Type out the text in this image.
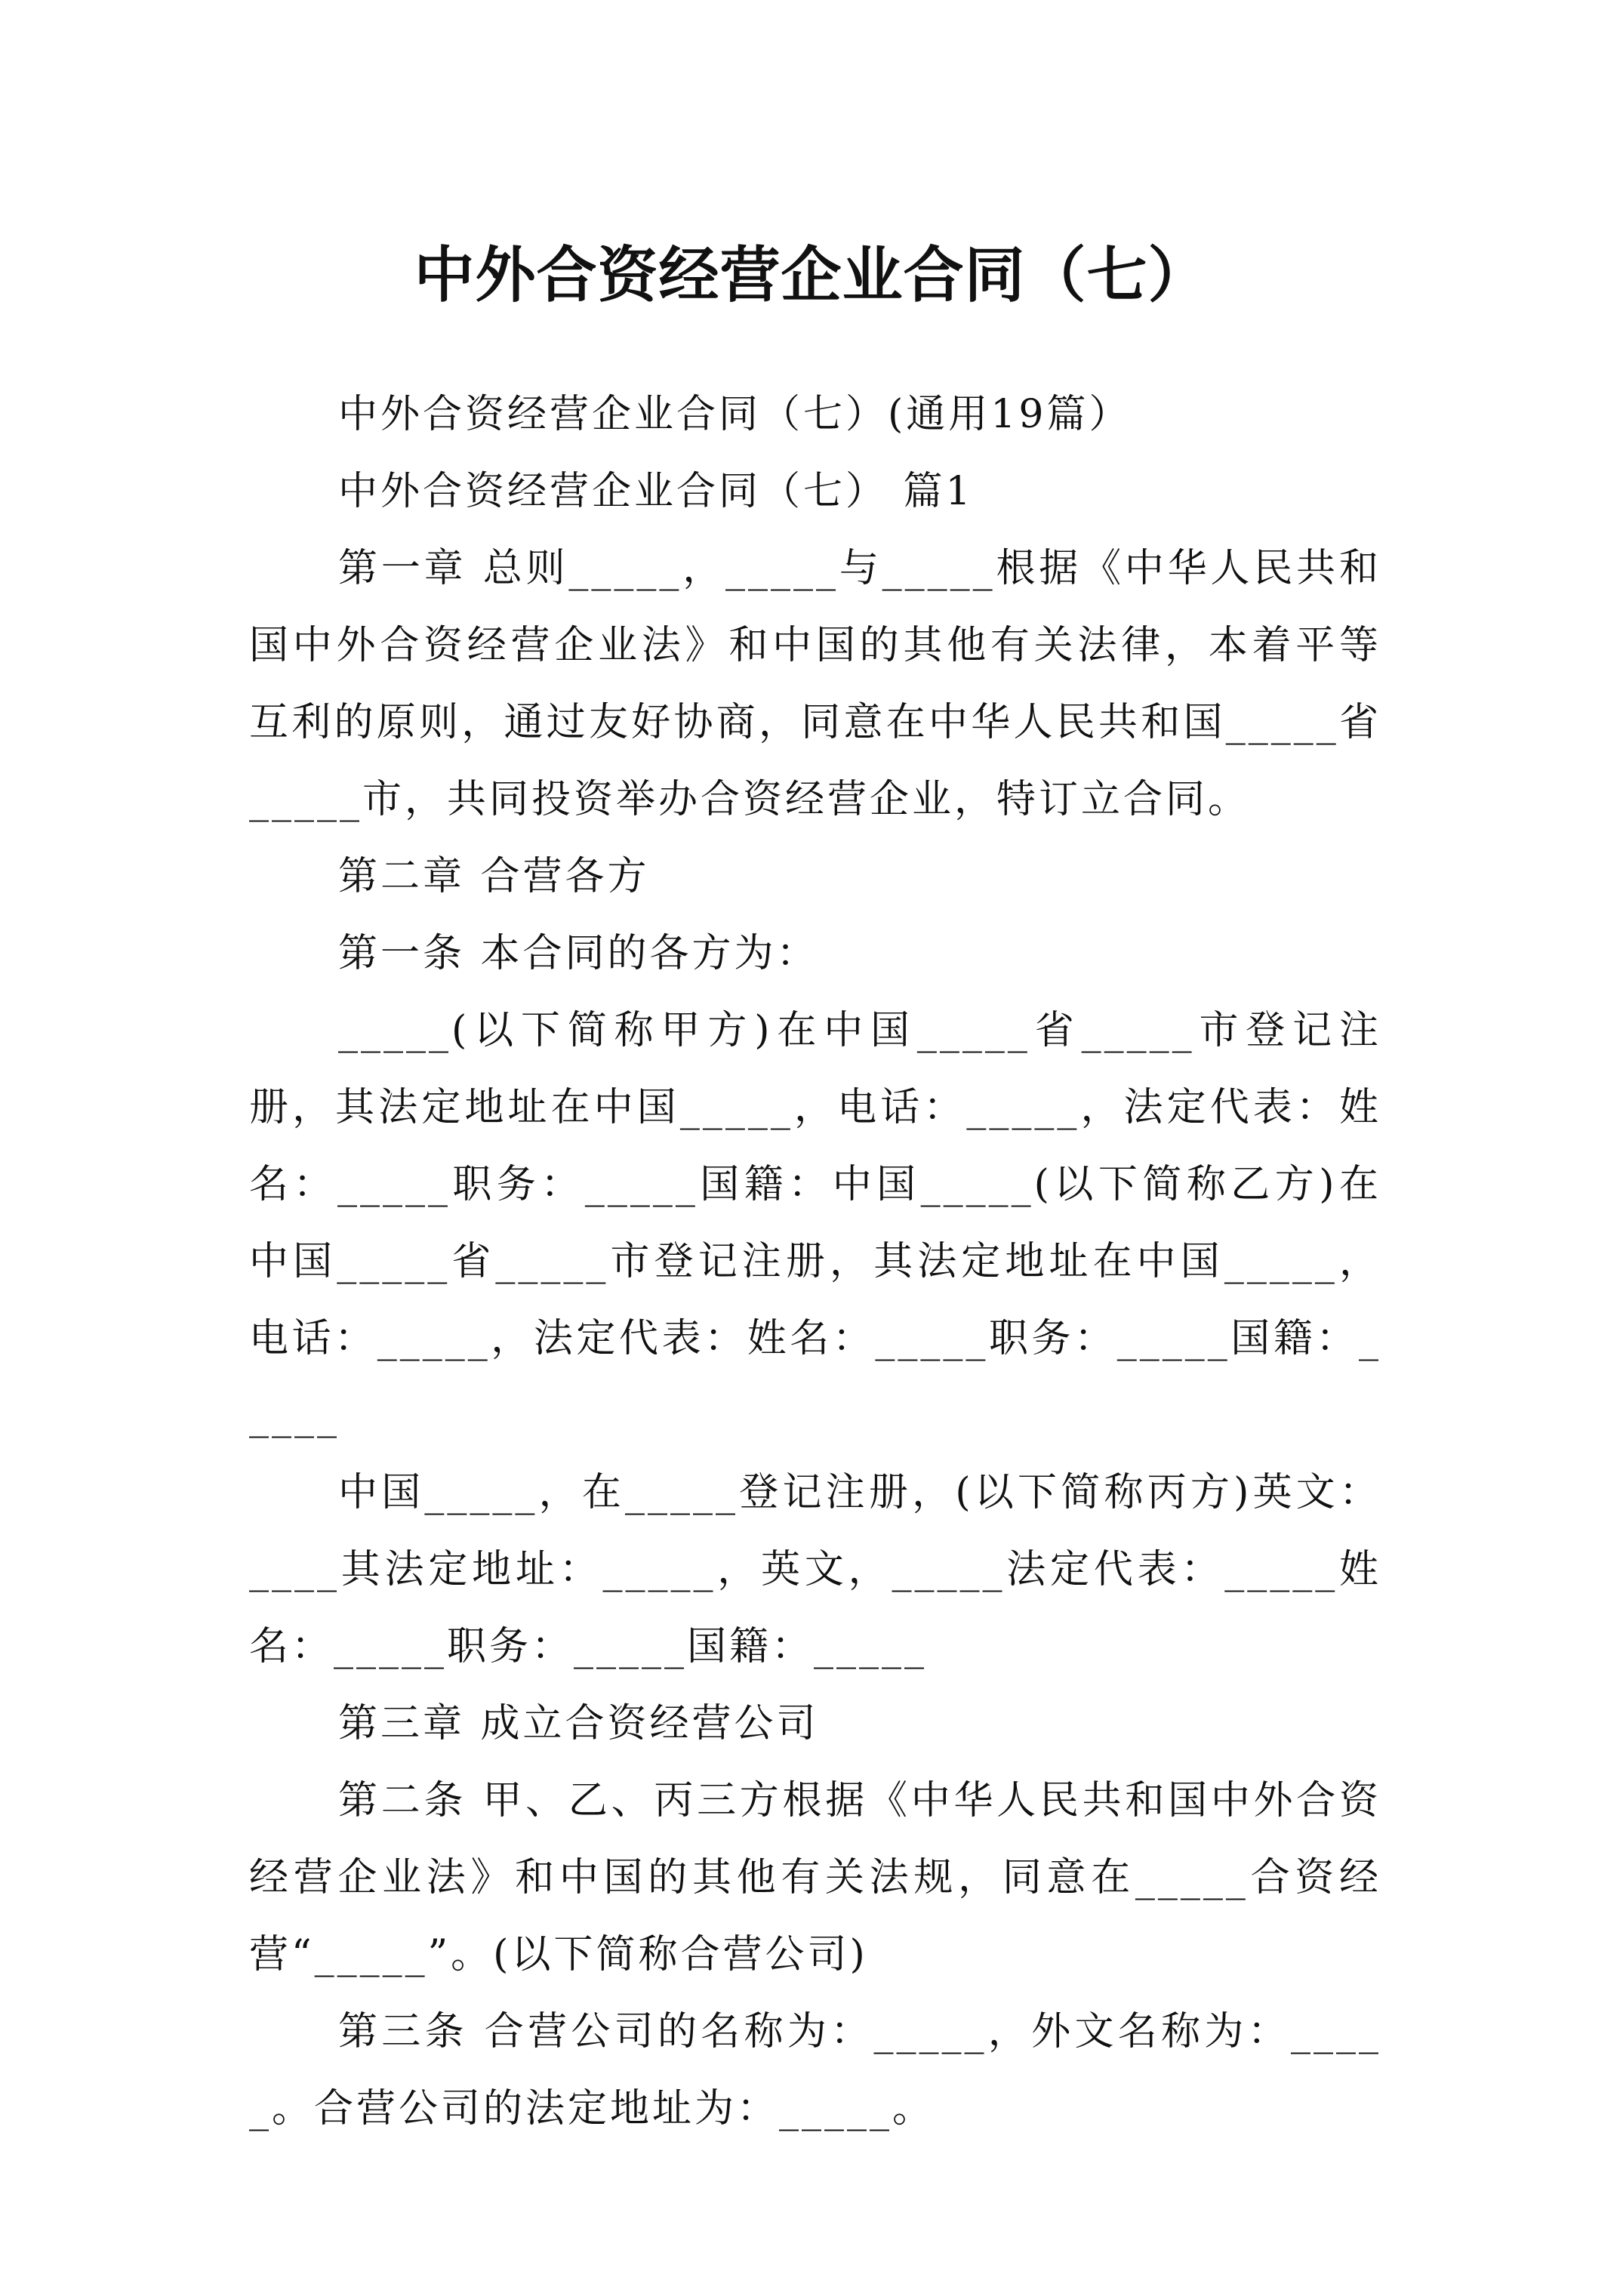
中外合资经营企业合同（七）

中外合资经营企业合同（七）(通用19篇）

中外合资经营企业合同（七） 篇1

第一章 总则_____，_____与_____根据《中华人民共和国中外合资经营企业法》和中国的其他有关法律，本着平等互利的原则，通过友好协商，同意在中华人民共和国_____省_____市，共同投资举办合资经营企业，特订立合同。

第二章 合营各方

第一条 本合同的各方为：

_____(以下简称甲方)在中国_____省_____市登记注册，其法定地址在中国_____，电话：_____，法定代表：姓名：_____职务：_____国籍：中国_____(以下简称乙方)在中国_____省_____市登记注册，其法定地址在中国_____，电话：_____，法定代表：姓名：_____职务：_____国籍：_____

中国_____，在_____登记注册，(以下简称丙方)英文：____其法定地址：_____，英文，_____法定代表：_____姓名：_____职务：_____国籍：_____

第三章 成立合资经营公司

第二条 甲、乙、丙三方根据《中华人民共和国中外合资经营企业法》和中国的其他有关法规，同意在_____合资经营“_____”。(以下简称合营公司)

第三条 合营公司的名称为：_____，外文名称为：_____。合营公司的法定地址为：_____。
